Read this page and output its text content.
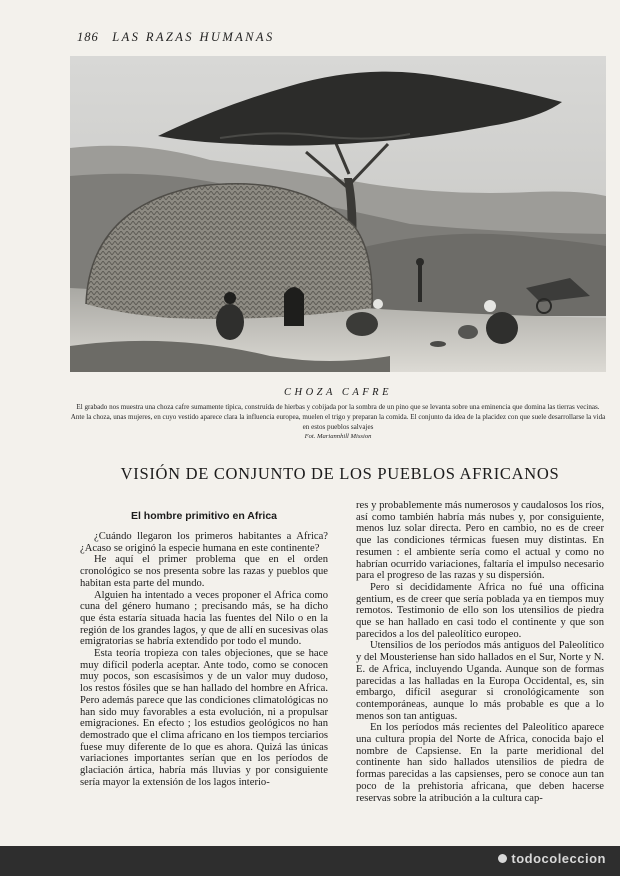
186 LAS RAZAS HUMANAS
CHOZA CAFRE
El grabado nos muestra una choza cafre sumamente típica, construída de hierbas y cobijada por la sombra de un pino que se levanta sobre una eminencia que domina las tierras vecinas. Ante la choza, unas mujeres, en cuyo vestido aparece clara la influencia europea, muelen el trigo y preparan la comida. El conjunto da idea de la placidez con que suele desarrollarse la vida en estos pueblos salvajes
Fot. Mariannhill Mission
VISIÓN DE CONJUNTO DE LOS PUEBLOS AFRICANOS
El hombre primitivo en Africa

¿Cuándo llegaron los primeros habitantes a Africa? ¿Acaso se originó la especie humana en este continente?

He aquí el primer problema que en el orden cronológico se nos presenta sobre las razas y pueblos que habitan esta parte del mundo.

Alguien ha intentado a veces proponer el Africa como cuna del género humano ; precisando más, se ha dicho que ésta estaría situada hacia las fuentes del Nilo o en la región de los grandes lagos, y que de allí en sucesivas olas emigratorias se habría extendido por todo el mundo.

Esta teoría tropieza con tales objeciones, que se hace muy difícil poderla aceptar. Ante todo, como se conocen muy pocos, son escasísimos y de un valor muy dudoso, los restos fósiles que se han hallado del hombre en Africa. Pero además parece que las condiciones climatológicas no han sido muy favorables a esta evolución, ni a propulsar emigraciones. En efecto ; los estudios geológicos no han demostrado que el clima africano en los tiempos terciarios fuese muy diferente de lo que es ahora. Quizá las únicas variaciones importantes serían que en los períodos de glaciación ártica, habría más lluvias y por consiguiente sería mayor la extensión de los lagos interio-

res y probablemente más numerosos y caudalosos los ríos, así como también habría más nubes y, por consiguiente, menos luz solar directa. Pero en cambio, no es de creer que las condiciones térmicas fuesen muy distintas. En resumen : el ambiente sería como el actual y como no habrían ocurrido variaciones, faltaría el impulso necesario para el progreso de las razas y su dispersión.

Pero si decididamente Africa no fué una officina gentium, es de creer que sería poblada ya en tiempos muy remotos. Testimonio de ello son los utensilios de piedra que se han hallado en casi todo el continente y que son parecidos a los del paleolítico europeo.

Utensilios de los períodos más antiguos del Paleolítico y del Mousteriense han sido hallados en el Sur, Norte y N. E. de Africa, incluyendo Uganda. Aunque son de formas parecidas a las halladas en la Europa Occidental, es, sin embargo, difícil asegurar si cronológicamente son contemporáneas, aunque lo más probable es que a lo menos son tan antiguas.

En los períodos más recientes del Paleolítico aparece una cultura propia del Norte de Africa, conocida bajo el nombre de Capsiense. En la parte meridional del continente han sido hallados utensilios de piedra de formas parecidas a las capsienses, pero se conoce aun tan poco de la prehistoria africana, que deben hacerse reservas sobre la atribución a la cultura cap-

todocoleccion
